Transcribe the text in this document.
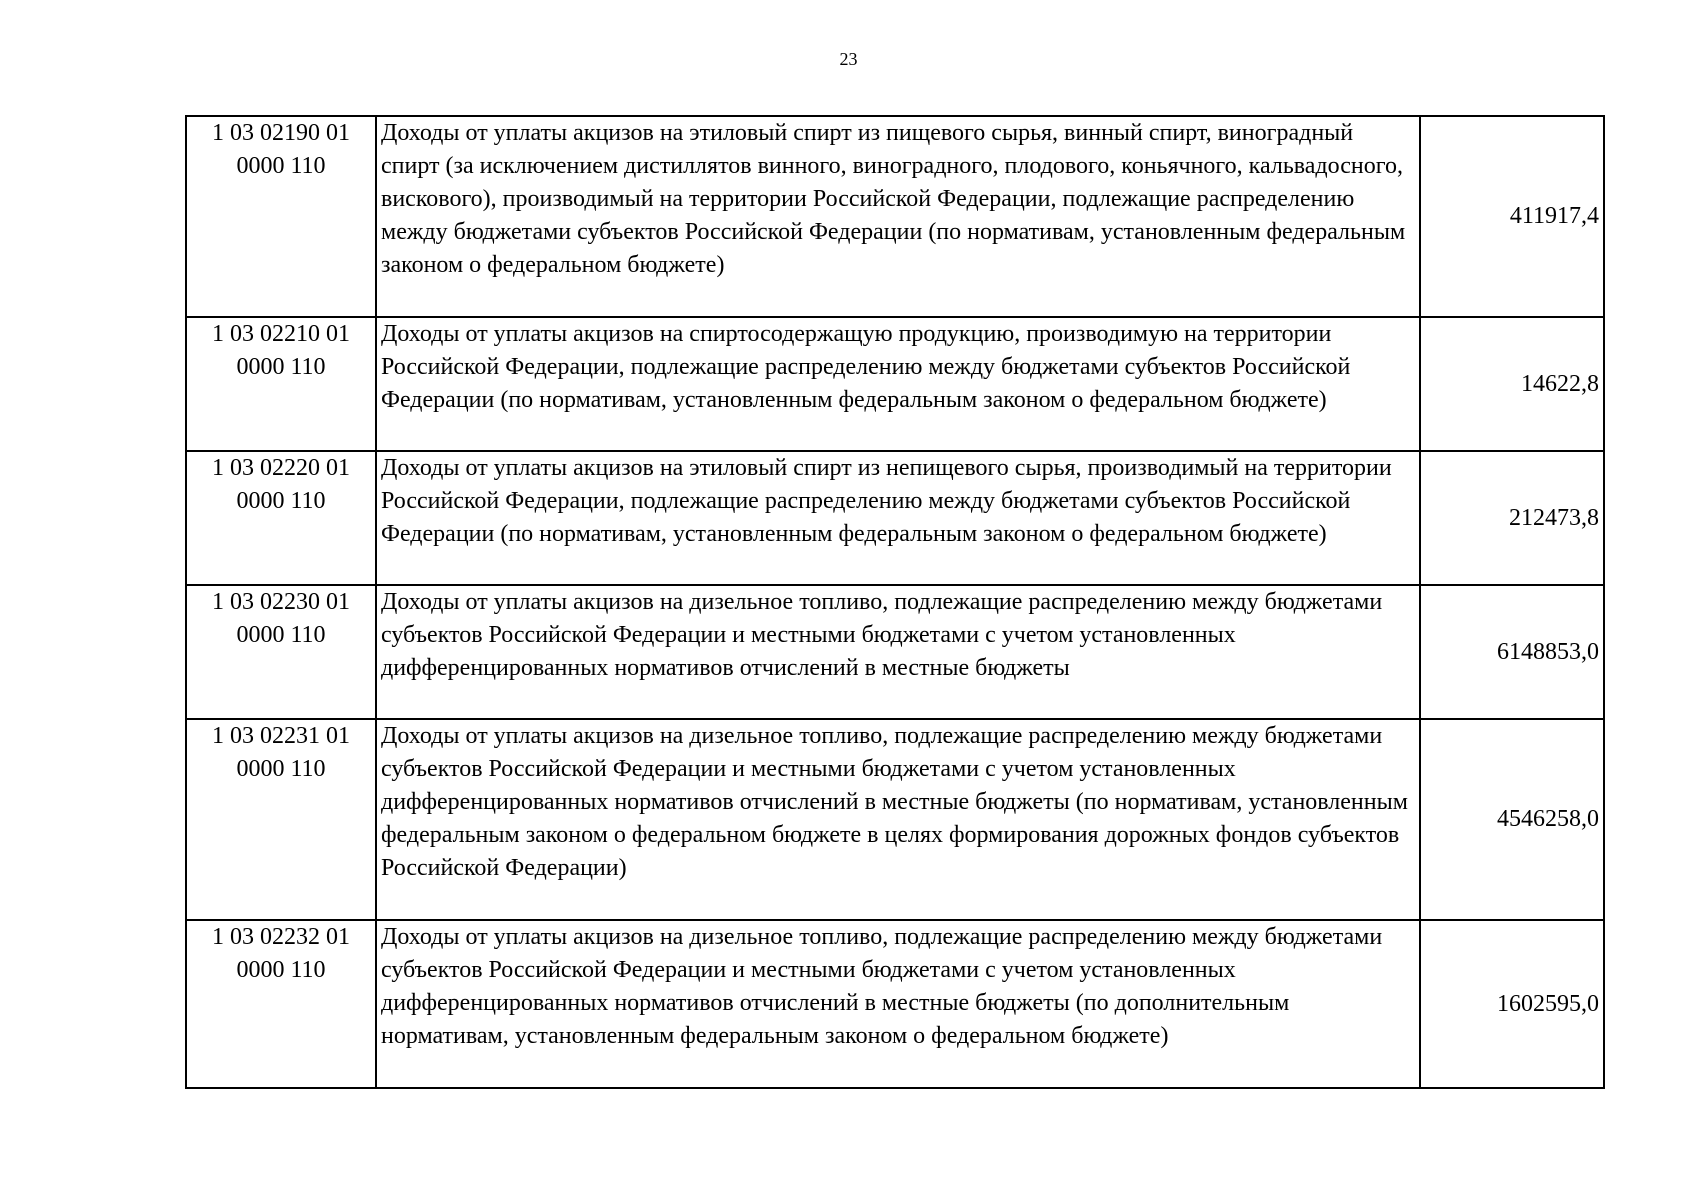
23
1 03 02190 01 0000 110	Доходы от уплаты акцизов на этиловый спирт из пищевого сырья, винный спирт, виноградный спирт (за исключением дистиллятов винного, виноградного, плодового, коньячного, кальвадосного, вискового), производимый на территории Российской Федерации, подлежащие распределению между бюджетами субъектов Российской Федерации (по нормативам, установленным федеральным законом о федеральном бюджете)	411917,4
1 03 02210 01 0000 110	Доходы от уплаты акцизов на спиртосодержащую продукцию, производимую на территории Российской Федерации, подлежащие распределению между бюджетами субъектов Российской Федерации (по нормативам, установленным федеральным законом о федеральном бюджете)	14622,8
1 03 02220 01 0000 110	Доходы от уплаты акцизов на этиловый спирт из непищевого сырья, производимый на территории Российской Федерации, подлежащие распределению между бюджетами субъектов Российской Федерации (по нормативам, установленным федеральным законом о федеральном бюджете)	212473,8
1 03 02230 01 0000 110	Доходы от уплаты акцизов на дизельное топливо, подлежащие распределению между бюджетами субъектов Российской Федерации и местными бюджетами с учетом установленных дифференцированных нормативов отчислений в местные бюджеты	6148853,0
1 03 02231 01 0000 110	Доходы от уплаты акцизов на дизельное топливо, подлежащие распределению между бюджетами субъектов Российской Федерации и местными бюджетами с учетом установленных дифференцированных нормативов отчислений в местные бюджеты (по нормативам, установленным федеральным законом о федеральном бюджете в целях формирования дорожных фондов субъектов Российской Федерации)	4546258,0
1 03 02232 01 0000 110	Доходы от уплаты акцизов на дизельное топливо, подлежащие распределению между бюджетами субъектов Российской Федерации и местными бюджетами с учетом установленных дифференцированных нормативов отчислений в местные бюджеты (по дополнительным нормативам, установленным федеральным законом о федеральном бюджете)	1602595,0
